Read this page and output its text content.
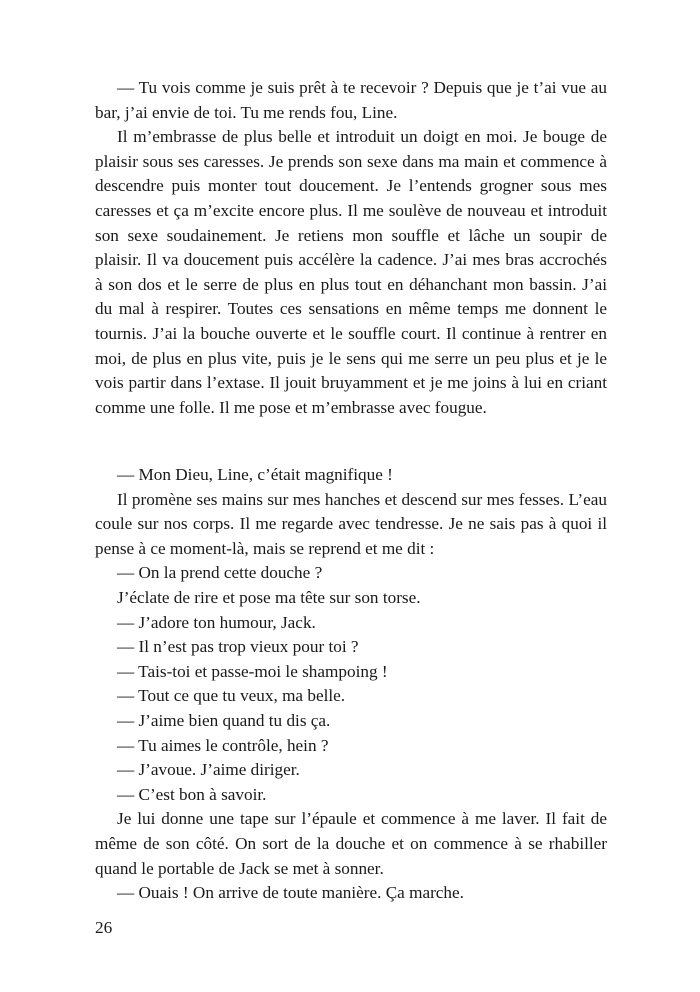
— Tu vois comme je suis prêt à te recevoir ? Depuis que je t’ai vue au bar, j’ai envie de toi. Tu me rends fou, Line.

Il m’embrasse de plus belle et introduit un doigt en moi. Je bouge de plaisir sous ses caresses. Je prends son sexe dans ma main et commence à descendre puis monter tout doucement. Je l’entends grogner sous mes caresses et ça m’excite encore plus. Il me soulève de nouveau et introduit son sexe soudainement. Je retiens mon souffle et lâche un soupir de plaisir. Il va doucement puis accélère la cadence. J’ai mes bras accrochés à son dos et le serre de plus en plus tout en déhanchant mon bassin. J’ai du mal à respirer. Toutes ces sensations en même temps me donnent le tournis. J’ai la bouche ouverte et le souffle court. Il continue à rentrer en moi, de plus en plus vite, puis je le sens qui me serre un peu plus et je le vois partir dans l’extase. Il jouit bruyamment et je me joins à lui en criant comme une folle. Il me pose et m’embrasse avec fougue.

— Mon Dieu, Line, c’était magnifique !

Il promène ses mains sur mes hanches et descend sur mes fesses. L’eau coule sur nos corps. Il me regarde avec tendresse. Je ne sais pas à quoi il pense à ce moment-là, mais se reprend et me dit :

— On la prend cette douche ?

J’éclate de rire et pose ma tête sur son torse.

— J’adore ton humour, Jack.

— Il n’est pas trop vieux pour toi ?

— Tais-toi et passe-moi le shampoing !

— Tout ce que tu veux, ma belle.

— J’aime bien quand tu dis ça.

— Tu aimes le contrôle, hein ?

— J’avoue. J’aime diriger.

— C’est bon à savoir.

Je lui donne une tape sur l’épaule et commence à me laver. Il fait de même de son côté. On sort de la douche et on commence à se rhabiller quand le portable de Jack se met à sonner.

— Ouais ! On arrive de toute manière. Ça marche.

26
